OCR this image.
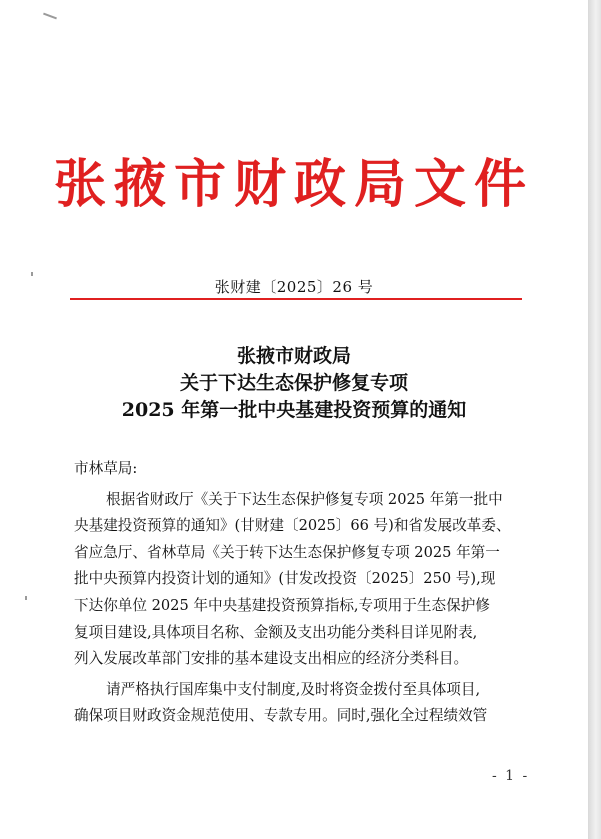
张掖市财政局文件
张财建〔2025〕26 号
张掖市财政局
关于下达生态保护修复专项
2025 年第一批中央基建投资预算的通知

市林草局:

根据省财政厅《关于下达生态保护修复专项 2025 年第一批中

央基建投资预算的通知》(甘财建〔2025〕66 号)和省发展改革委、

省应急厅、省林草局《关于转下达生态保护修复专项 2025 年第一

批中央预算内投资计划的通知》(甘发改投资〔2025〕250 号),现

下达你单位 2025 年中央基建投资预算指标,专项用于生态保护修

复项目建设,具体项目名称、金额及支出功能分类科目详见附表,

列入发展改革部门安排的基本建设支出相应的经济分类科目。

请严格执行国库集中支付制度,及时将资金拨付至具体项目,

确保项目财政资金规范使用、专款专用。同时,强化全过程绩效管

- 1 -
